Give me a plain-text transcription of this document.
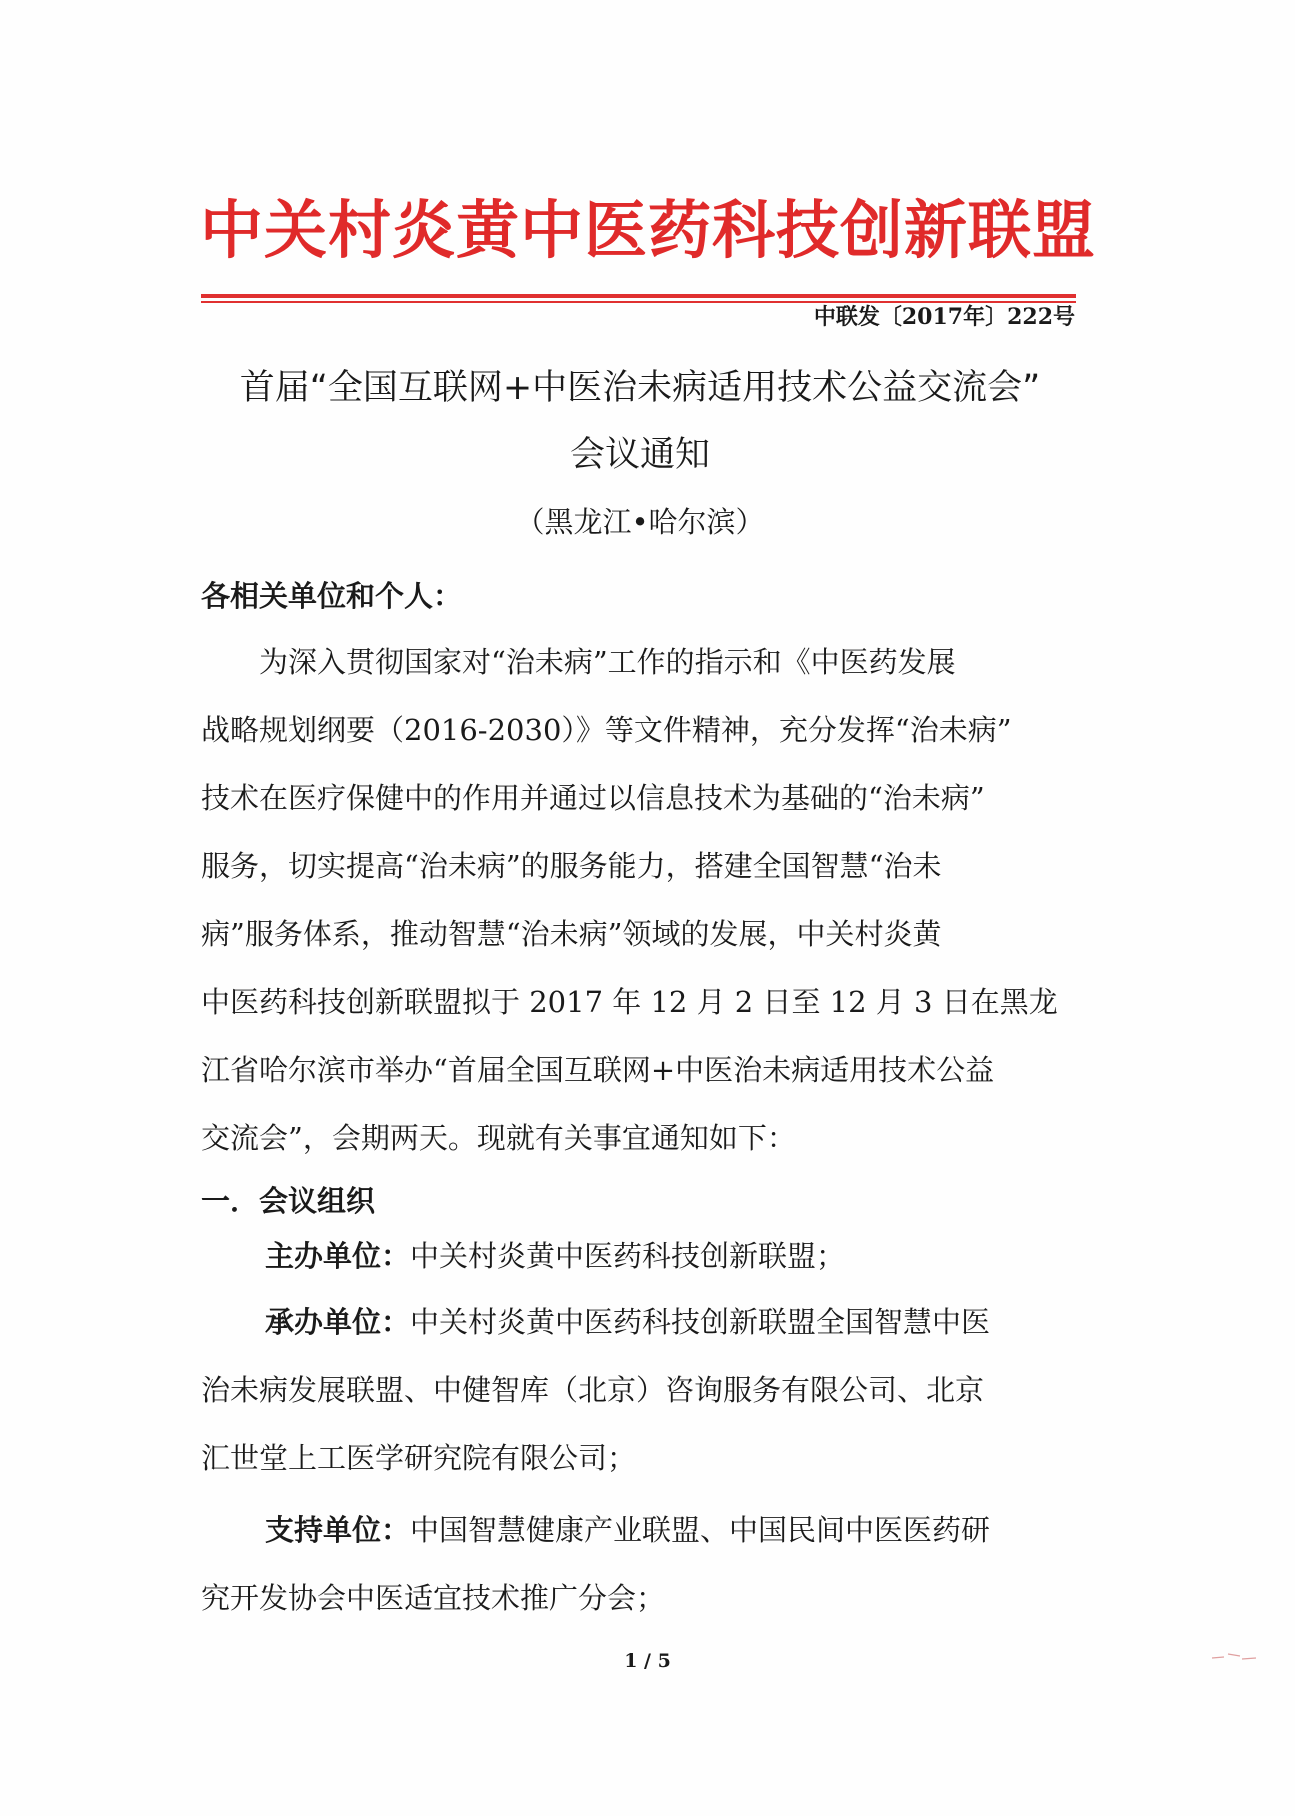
中关村炎黄中医药科技创新联盟
中联发〔2017年〕222号
首届“全国互联网+中医治未病适用技术公益交流会”
会议通知
（黑龙江•哈尔滨）
各相关单位和个人：
　　为深入贯彻国家对“治未病”工作的指示和《中医药发展
战略规划纲要（2016-2030）》等文件精神，充分发挥“治未病”
技术在医疗保健中的作用并通过以信息技术为基础的“治未病”
服务，切实提高“治未病”的服务能力，搭建全国智慧“治未
病”服务体系，推动智慧“治未病”领域的发展，中关村炎黄
中医药科技创新联盟拟于 2017 年 12 月 2 日至 12 月 3 日在黑龙
江省哈尔滨市举办“首届全国互联网+中医治未病适用技术公益
交流会”，会期两天。现就有关事宜通知如下：
一．会议组织
主办单位：中关村炎黄中医药科技创新联盟；
承办单位：中关村炎黄中医药科技创新联盟全国智慧中医
治未病发展联盟、中健智库（北京）咨询服务有限公司、北京
汇世堂上工医学研究院有限公司；
支持单位：中国智慧健康产业联盟、中国民间中医医药研
究开发协会中医适宜技术推广分会；
1 / 5
